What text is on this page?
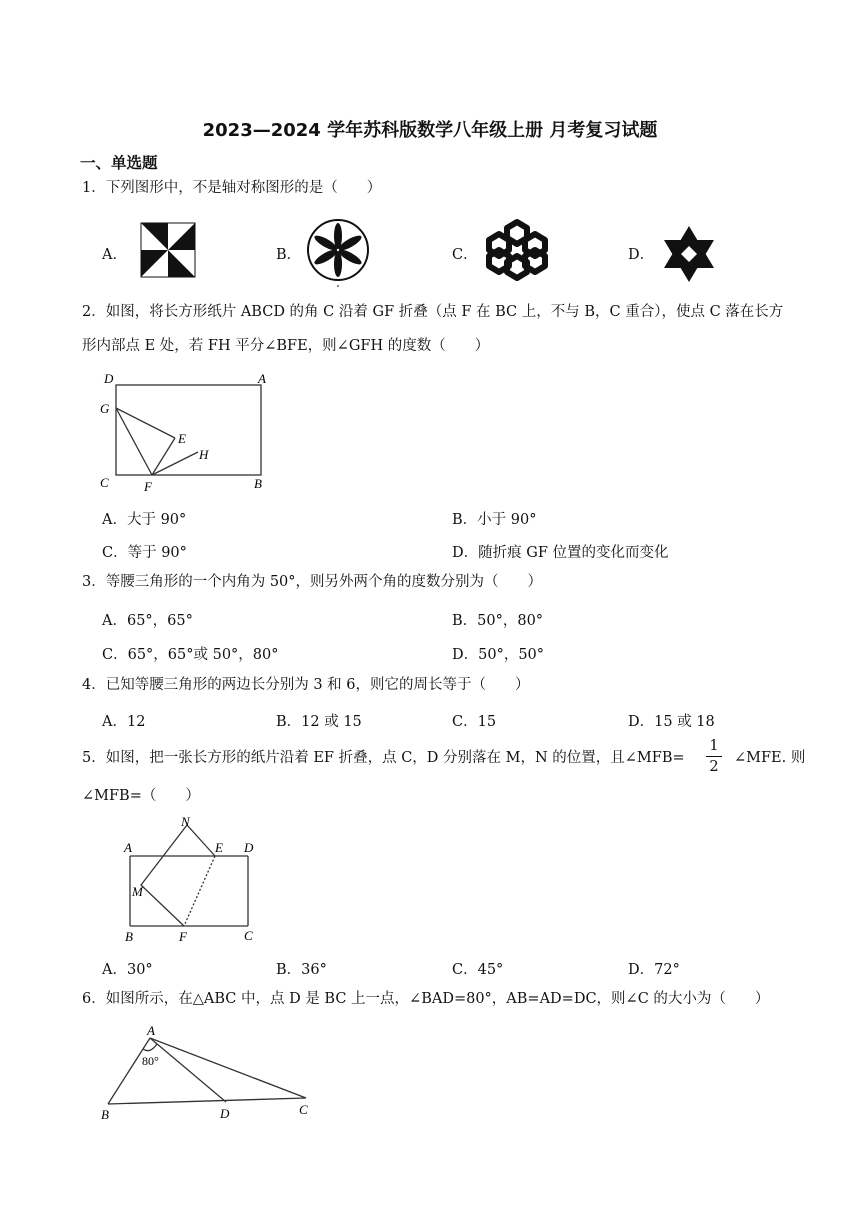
2023—2024 学年苏科版数学八年级上册 月考复习试题
一、单选题
1．下列图形中，不是轴对称图形的是（　　）
A．	B．	C．	D．
2．如图，将长方形纸片 ABCD 的角 C 沿着 GF 折叠（点 F 在 BC 上，不与 B，C 重合），使点 C 落在长方
形内部点 E 处，若 FH 平分∠BFE，则∠GFH 的度数（　　）
D	A
G
E
H
C	F	B
A．大于 90°	B．小于 90°
C．等于 90°	D．随折痕 GF 位置的变化而变化
3．等腰三角形的一个内角为 50°，则另外两个角的度数分别为（　　）
A．65°，65°	B．50°，80°
C．65°，65°或 50°，80°	D．50°，50°
4．已知等腰三角形的两边长分别为 3 和 6，则它的周长等于（　　）
A．12	B．12 或 15	C．15	D．15 或 18
5．如图，把一张长方形的纸片沿着 EF 折叠，点 C，D 分别落在 M，N 的位置，且∠MFB=
1
2
∠MFE. 则
∠MFB=（　　）
N
A	E D
M
B	F	C
A．30°	B．36°	C．45°	D．72°
6．如图所示，在△ABC 中，点 D 是 BC 上一点，∠BAD=80°，AB=AD=DC，则∠C 的大小为（　　）
A
80°
B	D	C
